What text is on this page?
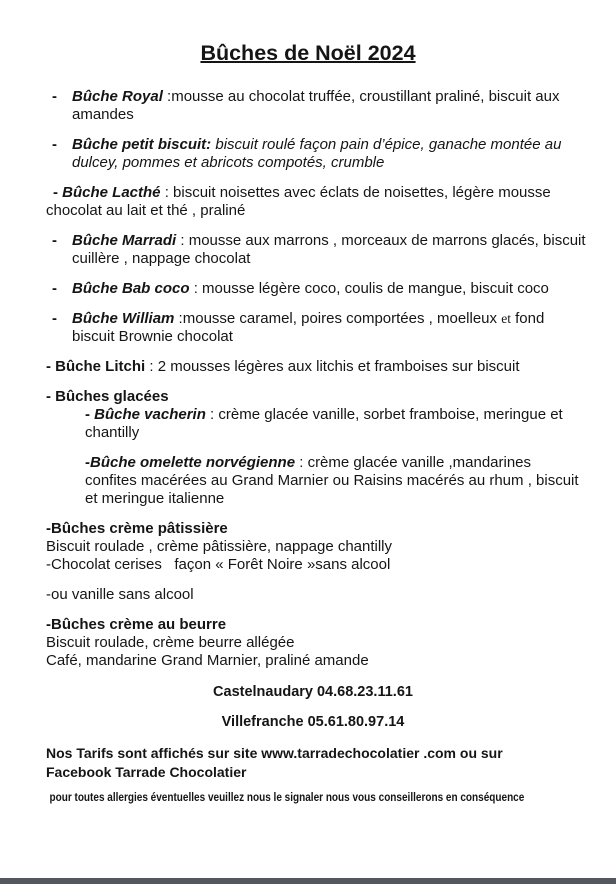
Bûches de Noël 2024
- Bûche Royal :mousse au chocolat truffée, croustillant praliné, biscuit aux
amandes
- Bûche petit biscuit: biscuit roulé façon pain d’épice, ganache montée au
dulcey, pommes et abricots compotés, crumble
- Bûche Lacthé : biscuit noisettes avec éclats de noisettes, légère mousse
chocolat au lait et thé , praliné
- Bûche Marradi : mousse aux marrons , morceaux de marrons glacés, biscuit
cuillère , nappage chocolat
- Bûche Bab coco : mousse légère coco, coulis de mangue, biscuit coco
- Bûche William :mousse caramel, poires comportées , moelleux et fond
biscuit Brownie chocolat
- Bûche Litchi : 2 mousses légères aux litchis et framboises sur biscuit
- Bûches glacées
- Bûche vacherin : crème glacée vanille, sorbet framboise, meringue et
chantilly
-Bûche omelette norvégienne : crème glacée vanille ,mandarines
confites macérées au Grand Marnier ou Raisins macérés au rhum , biscuit
et meringue italienne
-Bûches crème pâtissière
Biscuit roulade , crème pâtissière, nappage chantilly
-Chocolat cerises   façon « Forêt Noire »sans alcool
-ou vanille sans alcool
-Bûches crème au beurre
Biscuit roulade, crème beurre allégée
Café, mandarine Grand Marnier, praliné amande
Castelnaudary 04.68.23.11.61
Villefranche 05.61.80.97.14
Nos Tarifs sont affichés sur site www.tarradechocolatier .com ou sur
Facebook Tarrade Chocolatier
pour toutes allergies éventuelles veuillez nous le signaler nous vous conseillerons en conséquence
